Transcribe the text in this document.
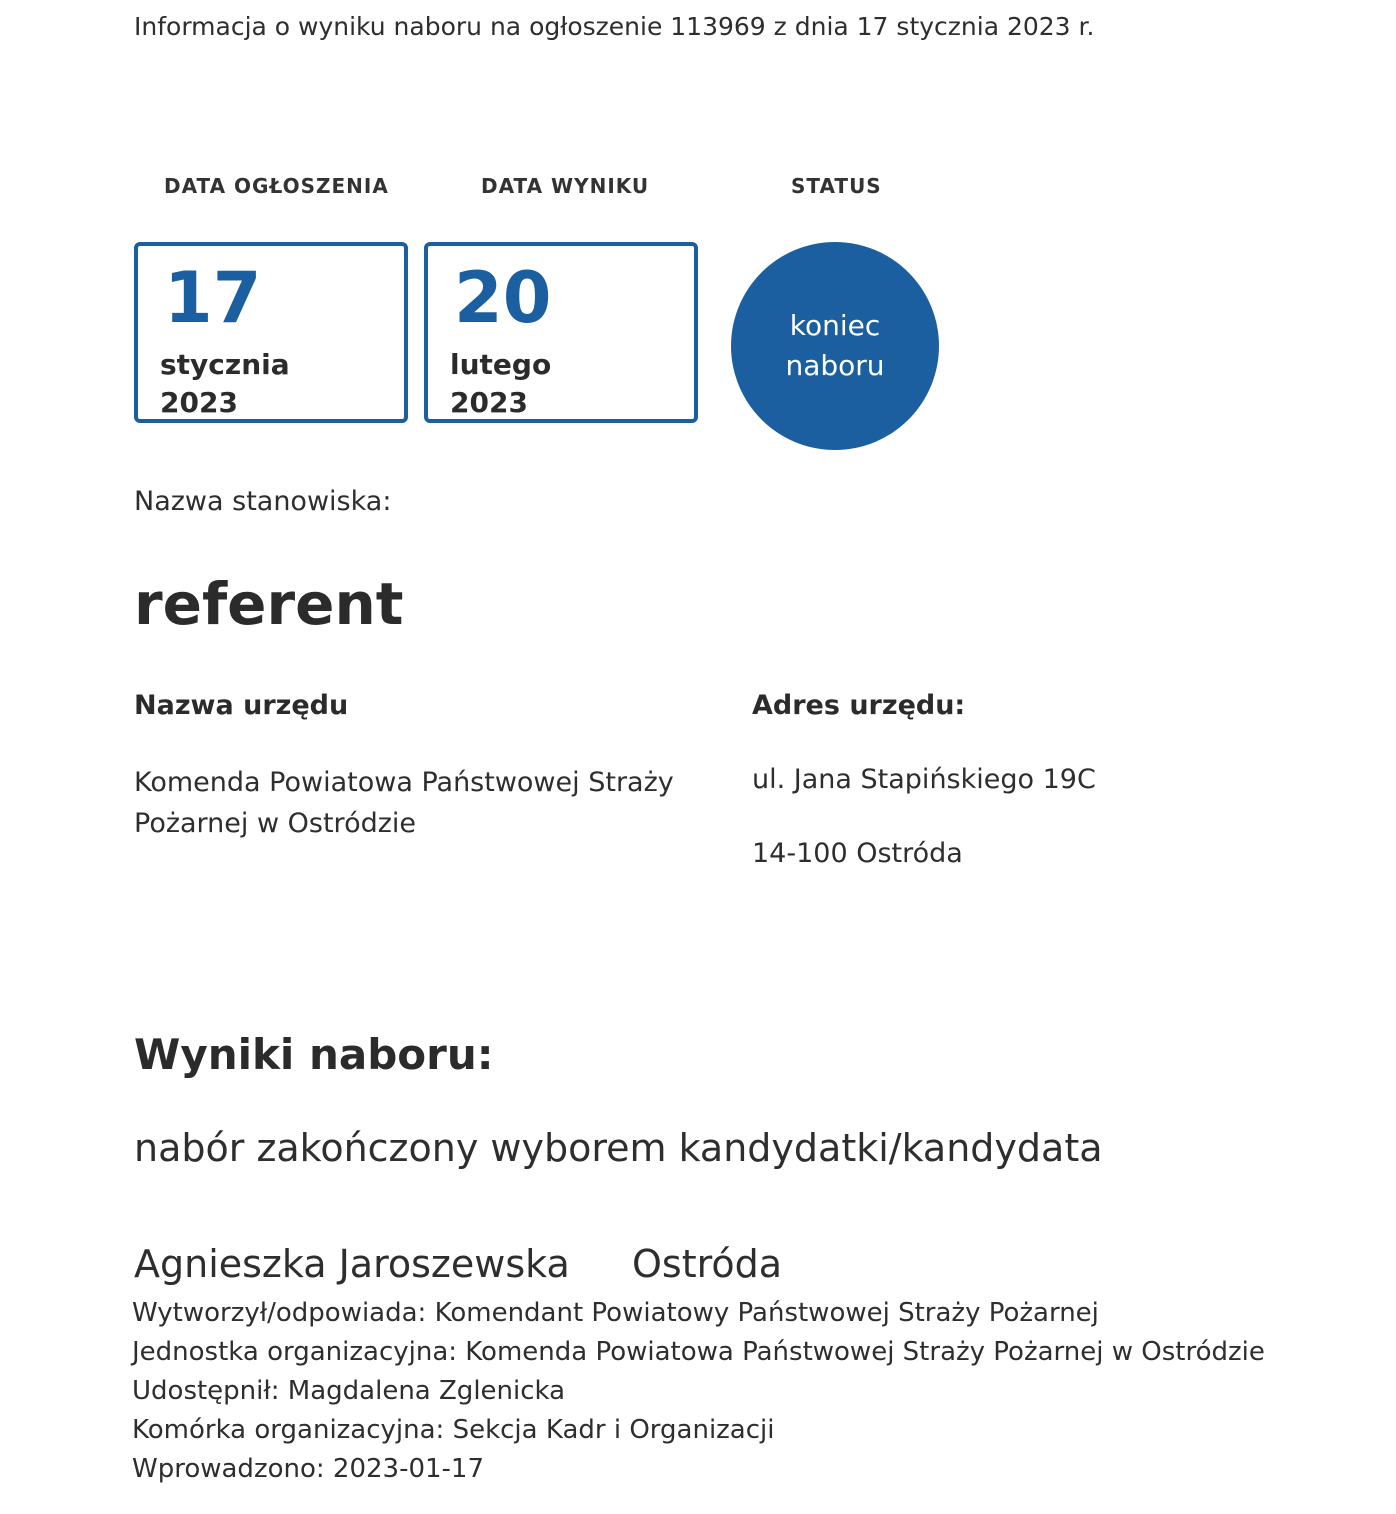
Informacja o wyniku naboru na ogłoszenie 113969 z dnia 17 stycznia 2023 r.
DATA OGŁOSZENIA	DATA WYNIKU	STATUS
17
stycznia
2023
20
lutego
2023
koniec
naboru
Nazwa stanowiska:
referent
Nazwa urzędu	Adres urzędu:
Komenda Powiatowa Państwowej Straży Pożarnej w Ostródzie
ul. Jana Stapińskiego 19C
14-100 Ostróda
Wyniki naboru:
nabór zakończony wyborem kandydatki/kandydata
Agnieszka Jaroszewska Ostróda
Wytworzył/odpowiada: Komendant Powiatowy Państwowej Straży Pożarnej
Jednostka organizacyjna: Komenda Powiatowa Państwowej Straży Pożarnej w Ostródzie
Udostępnił: Magdalena Zglenicka
Komórka organizacyjna: Sekcja Kadr i Organizacji
Wprowadzono: 2023-01-17
